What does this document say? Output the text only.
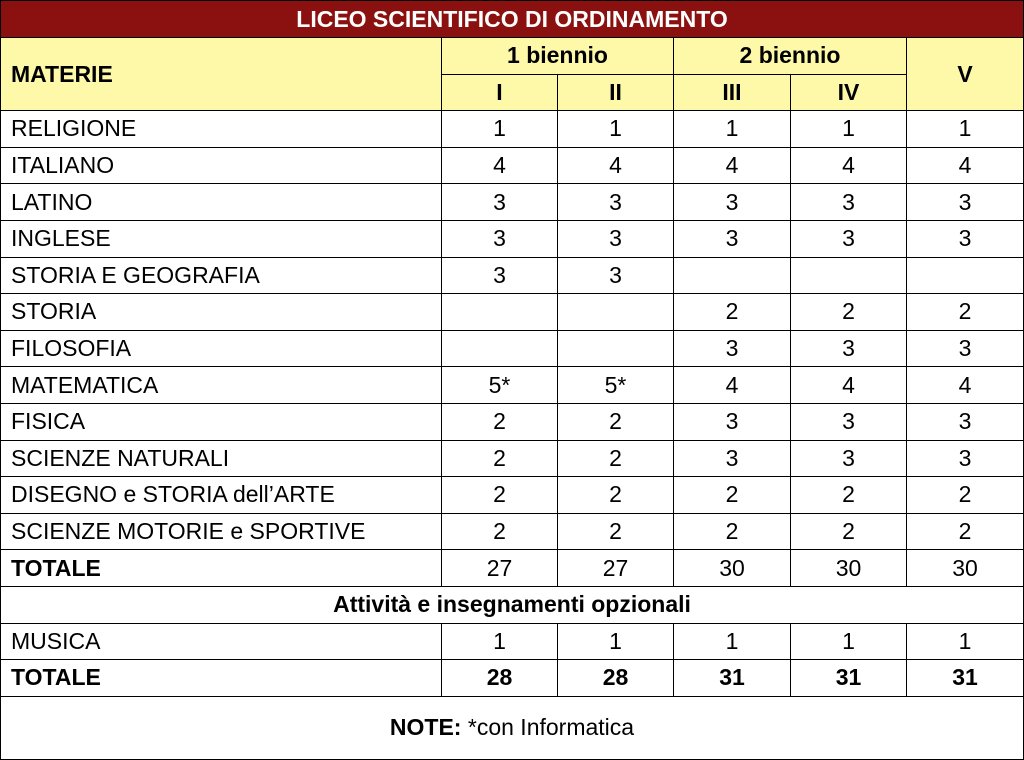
LICEO SCIENTIFICO DI ORDINAMENTO					
MATERIE	1 biennio		2 biennio		V
	I	II	III	IV	
RELIGIONE	1	1	1	1	1
ITALIANO	4	4	4	4	4
LATINO	3	3	3	3	3
INGLESE	3	3	3	3	3
STORIA E GEOGRAFIA	3	3			
STORIA			2	2	2
FILOSOFIA			3	3	3
MATEMATICA	5*	5*	4	4	4
FISICA	2	2	3	3	3
SCIENZE NATURALI	2	2	3	3	3
DISEGNO e STORIA dell’ARTE	2	2	2	2	2
SCIENZE MOTORIE e SPORTIVE	2	2	2	2	2
TOTALE	27	27	30	30	30
Attività e insegnamenti opzionali					
MUSICA	1	1	1	1	1
TOTALE	28	28	31	31	31
NOTE: *con Informatica					
